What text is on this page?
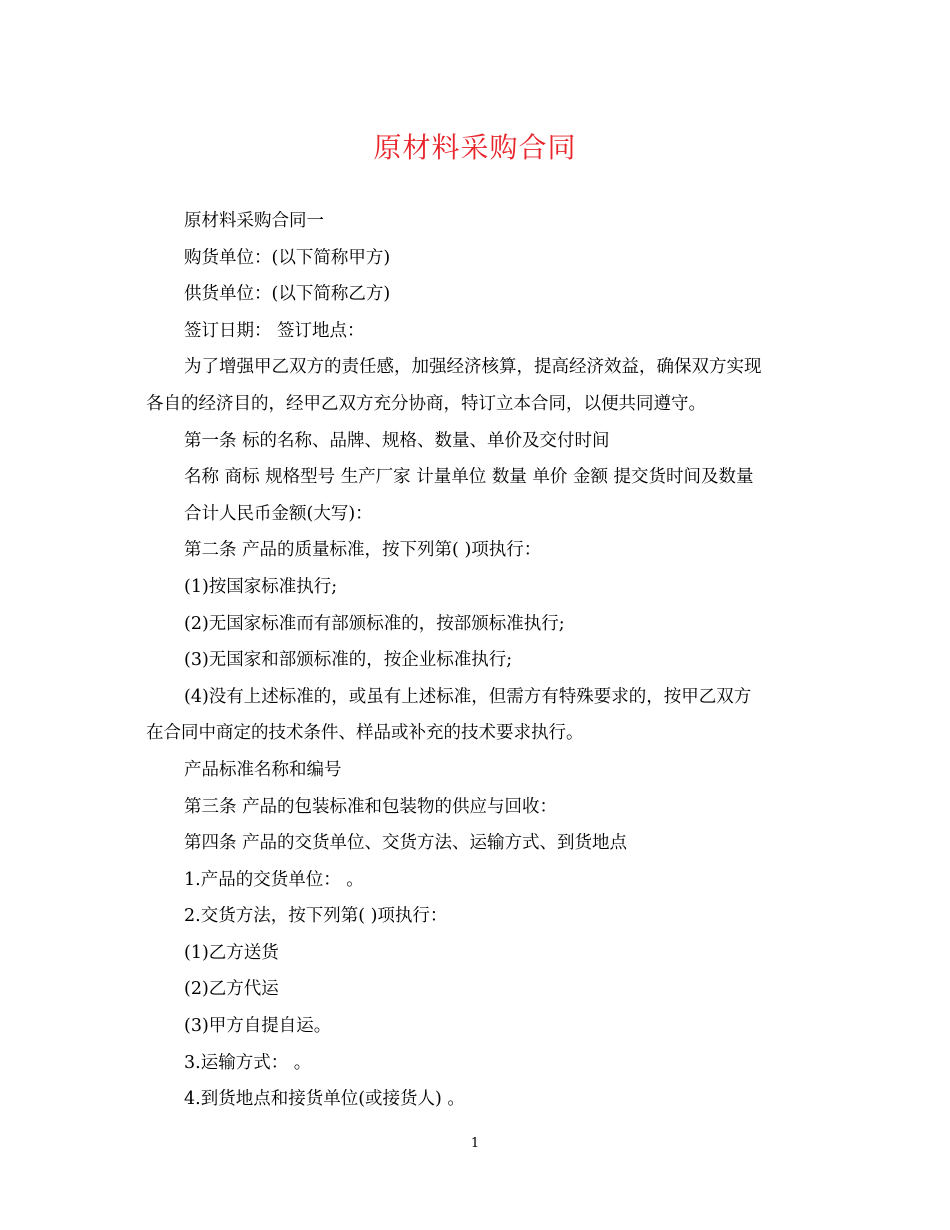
原材料采购合同
原材料采购合同一
购货单位：(以下简称甲方)
供货单位：(以下简称乙方)
签订日期： 签订地点：
为了增强甲乙双方的责任感，加强经济核算，提高经济效益，确保双方实现
各自的经济目的，经甲乙双方充分协商，特订立本合同，以便共同遵守。
第一条 标的名称、品牌、规格、数量、单价及交付时间
名称 商标 规格型号 生产厂家 计量单位 数量 单价 金额 提交货时间及数量
合计人民币金额(大写)：
第二条 产品的质量标准，按下列第( )项执行：
(1)按国家标准执行;
(2)无国家标准而有部颁标准的，按部颁标准执行;
(3)无国家和部颁标准的，按企业标准执行;
(4)没有上述标准的，或虽有上述标准，但需方有特殊要求的，按甲乙双方
在合同中商定的技术条件、样品或补充的技术要求执行。
产品标准名称和编号
第三条 产品的包装标准和包装物的供应与回收：
第四条 产品的交货单位、交货方法、运输方式、到货地点
1.产品的交货单位： 。
2.交货方法，按下列第( )项执行：
(1)乙方送货
(2)乙方代运
(3)甲方自提自运。
3.运输方式： 。
4.到货地点和接货单位(或接货人) 。
1
